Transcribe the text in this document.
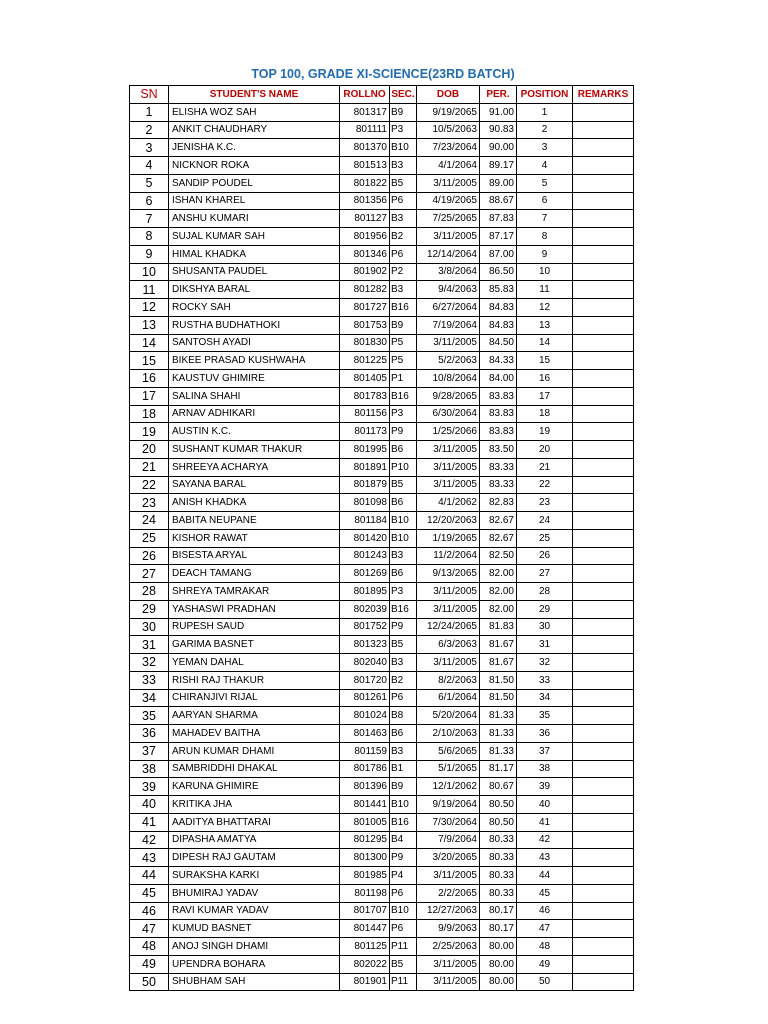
TOP 100, GRADE XI-SCIENCE(23RD BATCH)
SN	STUDENT'S NAME	ROLLNO	SEC.	DOB	PER.	POSITION	REMARKS
1	ELISHA WOZ SAH	801317	B9	9/19/2065	91.00	1	
2	ANKIT CHAUDHARY	801111	P3	10/5/2063	90.83	2	
3	JENISHA K.C.	801370	B10	7/23/2064	90.00	3	
4	NICKNOR ROKA	801513	B3	4/1/2064	89.17	4	
5	SANDIP POUDEL	801822	B5	3/11/2005	89.00	5	
6	ISHAN KHAREL	801356	P6	4/19/2065	88.67	6	
7	ANSHU KUMARI	801127	B3	7/25/2065	87.83	7	
8	SUJAL KUMAR SAH	801956	B2	3/11/2005	87.17	8	
9	HIMAL KHADKA	801346	P6	12/14/2064	87.00	9	
10	SHUSANTA PAUDEL	801902	P2	3/8/2064	86.50	10	
11	DIKSHYA BARAL	801282	B3	9/4/2063	85.83	11	
12	ROCKY SAH	801727	B16	6/27/2064	84.83	12	
13	RUSTHA BUDHATHOKI	801753	B9	7/19/2064	84.83	13	
14	SANTOSH AYADI	801830	P5	3/11/2005	84.50	14	
15	BIKEE PRASAD KUSHWAHA	801225	P5	5/2/2063	84.33	15	
16	KAUSTUV GHIMIRE	801405	P1	10/8/2064	84.00	16	
17	SALINA SHAHI	801783	B16	9/28/2065	83.83	17	
18	ARNAV ADHIKARI	801156	P3	6/30/2064	83.83	18	
19	AUSTIN K.C.	801173	P9	1/25/2066	83.83	19	
20	SUSHANT KUMAR THAKUR	801995	B6	3/11/2005	83.50	20	
21	SHREEYA ACHARYA	801891	P10	3/11/2005	83.33	21	
22	SAYANA BARAL	801879	B5	3/11/2005	83.33	22	
23	ANISH KHADKA	801098	B6	4/1/2062	82.83	23	
24	BABITA NEUPANE	801184	B10	12/20/2063	82.67	24	
25	KISHOR RAWAT	801420	B10	1/19/2065	82.67	25	
26	BISESTA ARYAL	801243	B3	11/2/2064	82.50	26	
27	DEACH TAMANG	801269	B6	9/13/2065	82.00	27	
28	SHREYA TAMRAKAR	801895	P3	3/11/2005	82.00	28	
29	YASHASWI PRADHAN	802039	B16	3/11/2005	82.00	29	
30	RUPESH SAUD	801752	P9	12/24/2065	81.83	30	
31	GARIMA BASNET	801323	B5	6/3/2063	81.67	31	
32	YEMAN DAHAL	802040	B3	3/11/2005	81.67	32	
33	RISHI RAJ THAKUR	801720	B2	8/2/2063	81.50	33	
34	CHIRANJIVI RIJAL	801261	P6	6/1/2064	81.50	34	
35	AARYAN SHARMA	801024	B8	5/20/2064	81.33	35	
36	MAHADEV BAITHA	801463	B6	2/10/2063	81.33	36	
37	ARUN KUMAR DHAMI	801159	B3	5/6/2065	81.33	37	
38	SAMBRIDDHI DHAKAL	801786	B1	5/1/2065	81.17	38	
39	KARUNA GHIMIRE	801396	B9	12/1/2062	80.67	39	
40	KRITIKA JHA	801441	B10	9/19/2064	80.50	40	
41	AADITYA BHATTARAI	801005	B16	7/30/2064	80.50	41	
42	DIPASHA AMATYA	801295	B4	7/9/2064	80.33	42	
43	DIPESH RAJ GAUTAM	801300	P9	3/20/2065	80.33	43	
44	SURAKSHA KARKI	801985	P4	3/11/2005	80.33	44	
45	BHUMIRAJ YADAV	801198	P6	2/2/2065	80.33	45	
46	RAVI KUMAR YADAV	801707	B10	12/27/2063	80.17	46	
47	KUMUD BASNET	801447	P6	9/9/2063	80.17	47	
48	ANOJ SINGH DHAMI	801125	P11	2/25/2063	80.00	48	
49	UPENDRA BOHARA	802022	B5	3/11/2005	80.00	49	
50	SHUBHAM SAH	801901	P11	3/11/2005	80.00	50	
